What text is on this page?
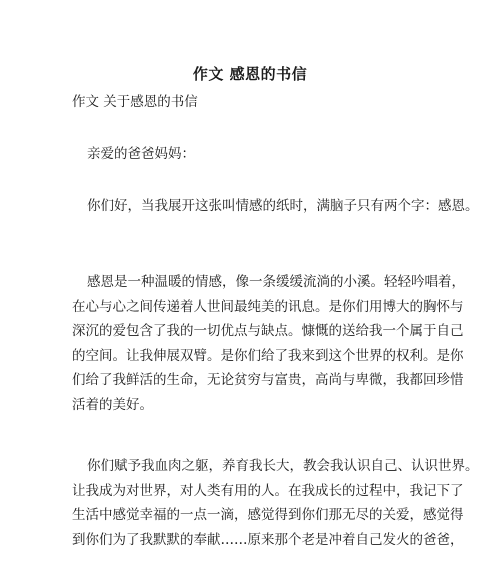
作文 感恩的书信

作文 关于感恩的书信

亲爱的爸爸妈妈：

你们好，当我展开这张叫情感的纸时，满脑子只有两个字：感恩。

感恩是一种温暖的情感，像一条缓缓流淌的小溪。轻轻吟唱着，
在心与心之间传递着人世间最纯美的讯息。是你们用博大的胸怀与
深沉的爱包含了我的一切优点与缺点。慷慨的送给我一个属于自己
的空间。让我伸展双臂。是你们给了我来到这个世界的权利。是你
们给了我鲜活的生命，无论贫穷与富贵，高尚与卑微，我都回珍惜
活着的美好。
你们赋予我血肉之躯，养育我长大，教会我认识自己、认识世界。
让我成为对世界，对人类有用的人。在我成长的过程中，我记下了
生活中感觉幸福的一点一滴，感觉得到你们那无尽的关爱，感觉得
到你们为了我默默的奉献……原来那个老是冲着自己发火的爸爸，
